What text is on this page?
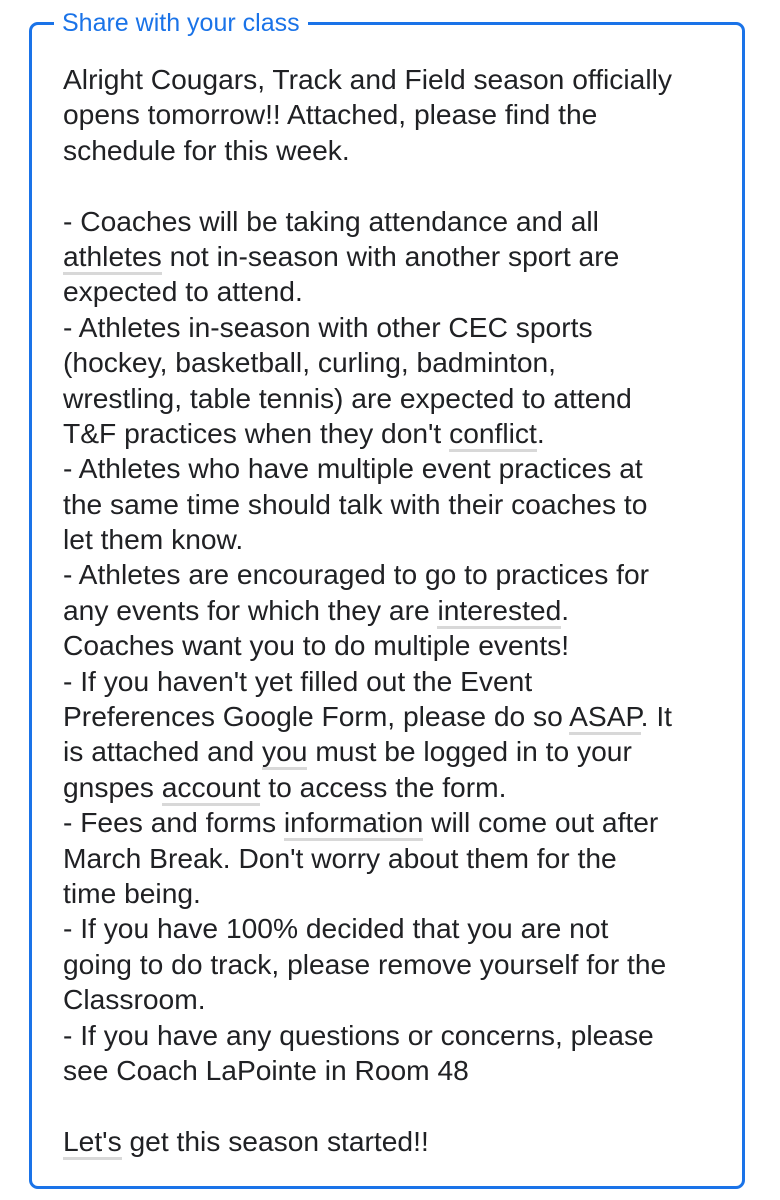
Share with your class
Alright Cougars, Track and Field season officially
opens tomorrow!! Attached, please find the
schedule for this week.
- Coaches will be taking attendance and all
athletes not in-season with another sport are
expected to attend.
- Athletes in-season with other CEC sports
(hockey, basketball, curling, badminton,
wrestling, table tennis) are expected to attend
T&F practices when they don't conflict.
- Athletes who have multiple event practices at
the same time should talk with their coaches to
let them know.
- Athletes are encouraged to go to practices for
any events for which they are interested.
Coaches want you to do multiple events!
- If you haven't yet filled out the Event
Preferences Google Form, please do so ASAP. It
is attached and you must be logged in to your
gnspes account to access the form.
- Fees and forms information will come out after
March Break. Don't worry about them for the
time being.
- If you have 100% decided that you are not
going to do track, please remove yourself for the
Classroom.
- If you have any questions or concerns, please
see Coach LaPointe in Room 48
Let's get this season started!!
